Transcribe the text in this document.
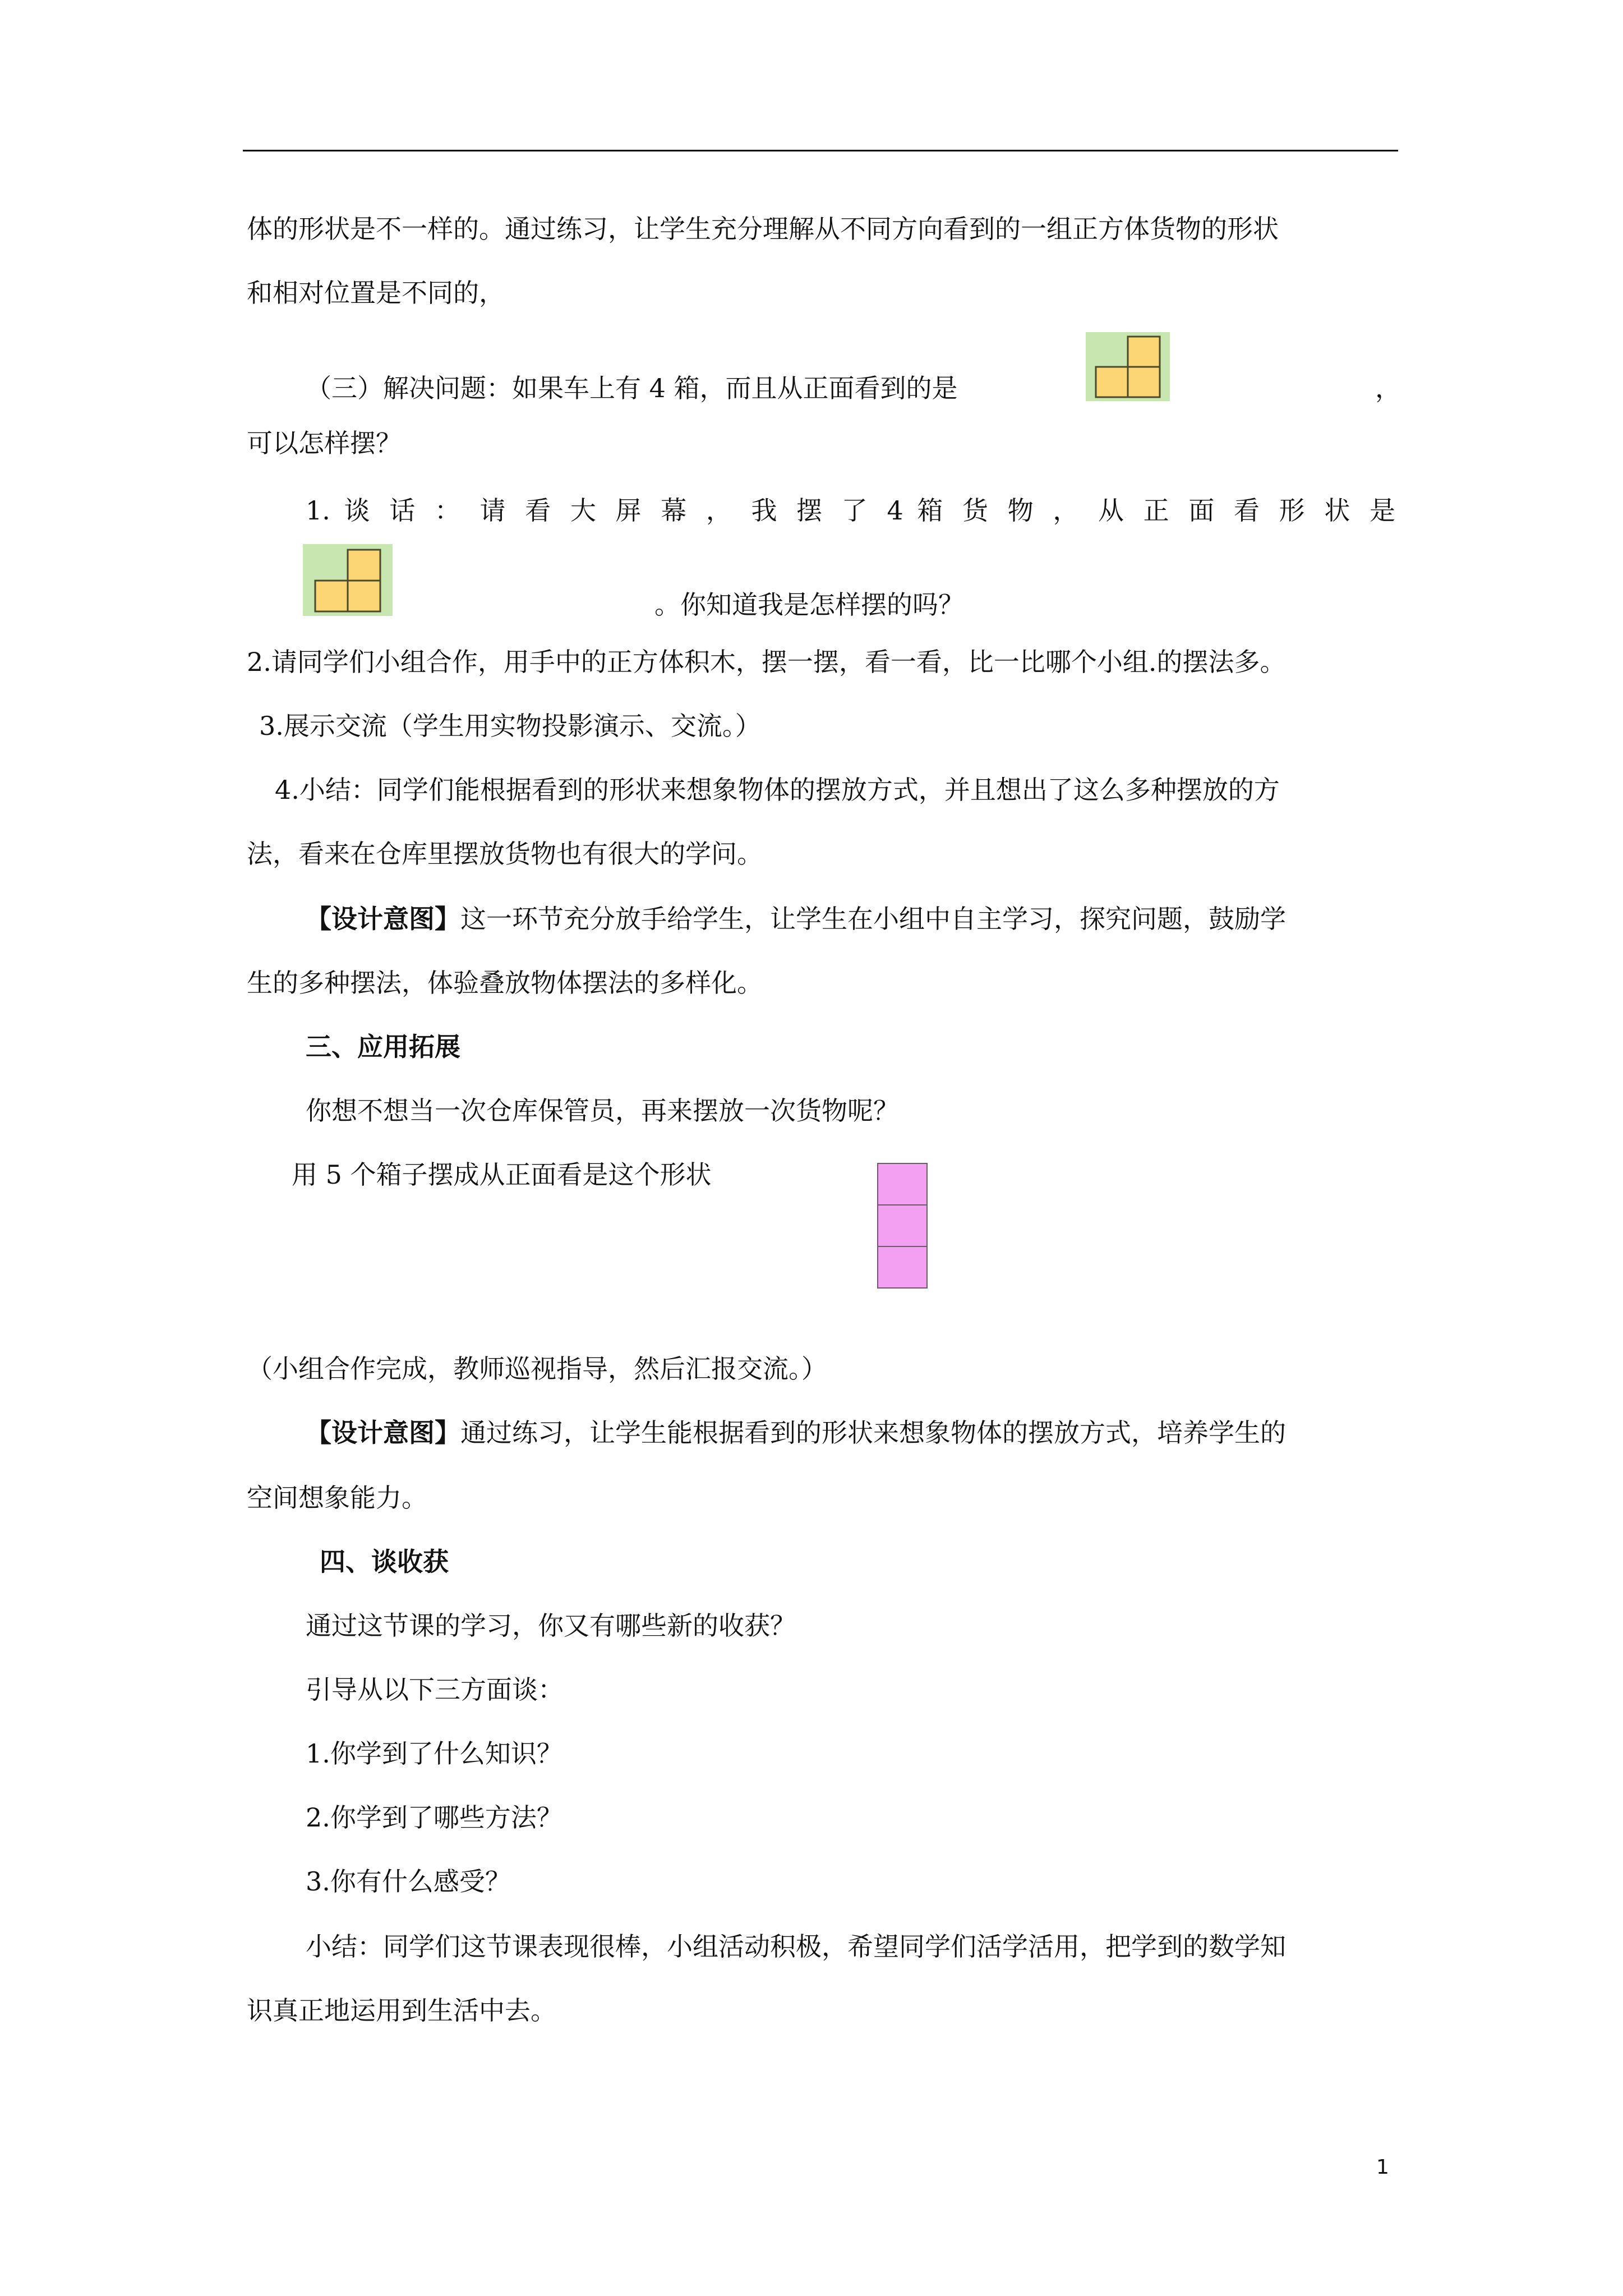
体的形状是不一样的。通过练习，让学生充分理解从不同方向看到的一组正方体货物的形状
和相对位置是不同的，
（三）解决问题：如果车上有 4 箱，而且从正面看到的是	，
可以怎样摆？
1. 谈 话 ： 请 看 大 屏 幕 ， 我 摆 了 4 箱 货 物 ， 从 正 面 看 形 状 是
。你知道我是怎样摆的吗？
2.请同学们小组合作，用手中的正方体积木，摆一摆，看一看，比一比哪个小组.的摆法多。
3.展示交流（学生用实物投影演示、交流。）
4.小结：同学们能根据看到的形状来想象物体的摆放方式，并且想出了这么多种摆放的方
法，看来在仓库里摆放货物也有很大的学问。
【设计意图】这一环节充分放手给学生，让学生在小组中自主学习，探究问题，鼓励学
生的多种摆法，体验叠放物体摆法的多样化。
三、应用拓展
你想不想当一次仓库保管员，再来摆放一次货物呢？
用 5 个箱子摆成从正面看是这个形状
（小组合作完成，教师巡视指导，然后汇报交流。）
【设计意图】通过练习，让学生能根据看到的形状来想象物体的摆放方式，培养学生的
空间想象能力。
四、谈收获
通过这节课的学习，你又有哪些新的收获？
引导从以下三方面谈：
1.你学到了什么知识？
2.你学到了哪些方法？
3.你有什么感受？
小结：同学们这节课表现很棒，小组活动积极，希望同学们活学活用，把学到的数学知
识真正地运用到生活中去。
1
